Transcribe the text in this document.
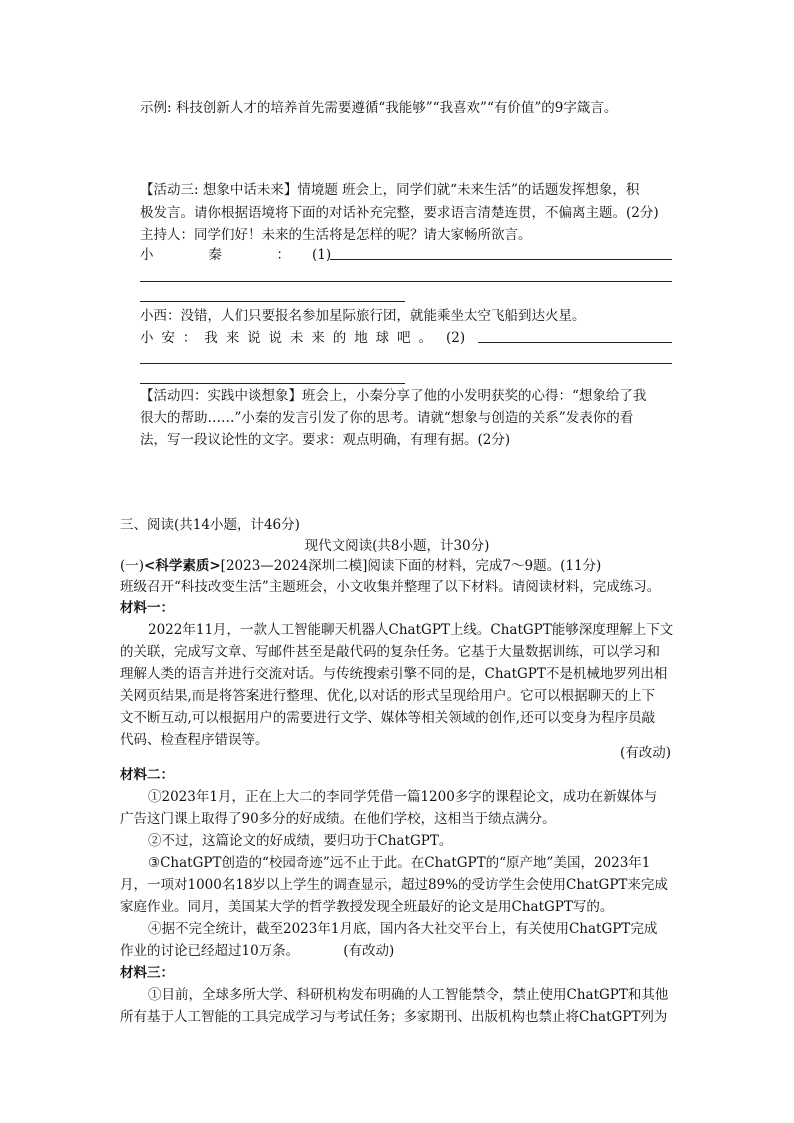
示例: 科技创新人才的培养首先需要遵循“我能够”“我喜欢”“有价值”的9字箴言。
【活动三: 想象中话未来】情境题 班会上，同学们就“未来生活”的话题发挥想象，积
极发言。请你根据语境将下面的对话补充完整，要求语言清楚连贯，不偏离主题。(2分)
主持人：同学们好！未来的生活将是怎样的呢？请大家畅所欲言。
小	秦	： (1)
小西：没错，人们只要报名参加星际旅行团，就能乘坐太空飞船到达火星。
小 安 ： 我 来 说 说 未 来 的 地 球 吧 。 (2)
【活动四：实践中谈想象】班会上，小秦分享了他的小发明获奖的心得：“想象给了我
很大的帮助……”小秦的发言引发了你的思考。请就“想象与创造的关系”发表你的看
法，写一段议论性的文字。要求：观点明确，有理有据。(2分)
三、阅读(共14小题，计46分)
现代文阅读(共8小题，计30分)
(一)<科学素质>[2023—2024深圳二模]阅读下面的材料，完成7～9题。(11分)
班级召开“科技改变生活”主题班会，小文收集并整理了以下材料。请阅读材料，完成练习。
材料一：
2022年11月，一款人工智能聊天机器人ChatGPT上线。ChatGPT能够深度理解上下文
的关联，完成写文章、写邮件甚至是敲代码的复杂任务。它基于大量数据训练，可以学习和
理解人类的语言并进行交流对话。与传统搜索引擎不同的是，ChatGPT不是机械地罗列出相
关网页结果,而是将答案进行整理、优化,以对话的形式呈现给用户。它可以根据聊天的上下
文不断互动,可以根据用户的需要进行文学、媒体等相关领域的创作,还可以变身为程序员敲
代码、检查程序错误等。
(有改动)
材料二：
①2023年1月，正在上大二的李同学凭借一篇1200多字的课程论文，成功在新媒体与
广告这门课上取得了90多分的好成绩。在他们学校，这相当于绩点满分。
②不过，这篇论文的好成绩，要归功于ChatGPT。
③ChatGPT创造的“校园奇迹”远不止于此。在ChatGPT的“原产地”美国，2023年1
月，一项对1000名18岁以上学生的调查显示，超过89%的受访学生会使用ChatGPT来完成
家庭作业。同月，美国某大学的哲学教授发现全班最好的论文是用ChatGPT写的。
④据不完全统计，截至2023年1月底，国内各大社交平台上，有关使用ChatGPT完成
作业的讨论已经超过10万条。	(有改动)
材料三：
①目前，全球多所大学、科研机构发布明确的人工智能禁令，禁止使用ChatGPT和其他
所有基于人工智能的工具完成学习与考试任务；多家期刊、出版机构也禁止将ChatGPT列为
